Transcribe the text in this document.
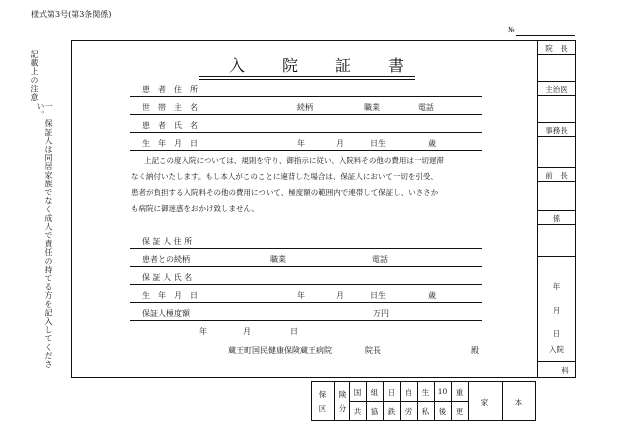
様式第3号(第3条関係)
№
記載上の注意
一　保証人は同居家族でなく成人で責任の持てる方を記入してください。
院　長
主治医
事務長
前　長
係
年
月
日
入院
科
入 院 証 書
患　者　住　所
世　帯　主　名	続柄	職業	電話
患　者　氏　名
生　年　月　日	年	月	日生	歳
上記この度入院については、規則を守り、御指示に従い、入院料その他の費用は一切遅滞
なく納付いたします。もし本人がこのことに違背した場合は、保証人において一切を引受、
患者が負担する入院料その他の費用について、極度額の範囲内で連帯して保証し、いささか
も病院に御迷惑をおかけ致しません。
保 証 人 住 所
患者との続柄	職業	電話
保 証 人 氏 名
生　年　月　日	年	月	日生	歳
保証人極度額	万円
年	月	日
蔵王町国民健康保険蔵王病院	院長	殿
保
区
険
分
国	組	日	自	生	10	重
共	協	鉄	労	私	後	更
家	本
